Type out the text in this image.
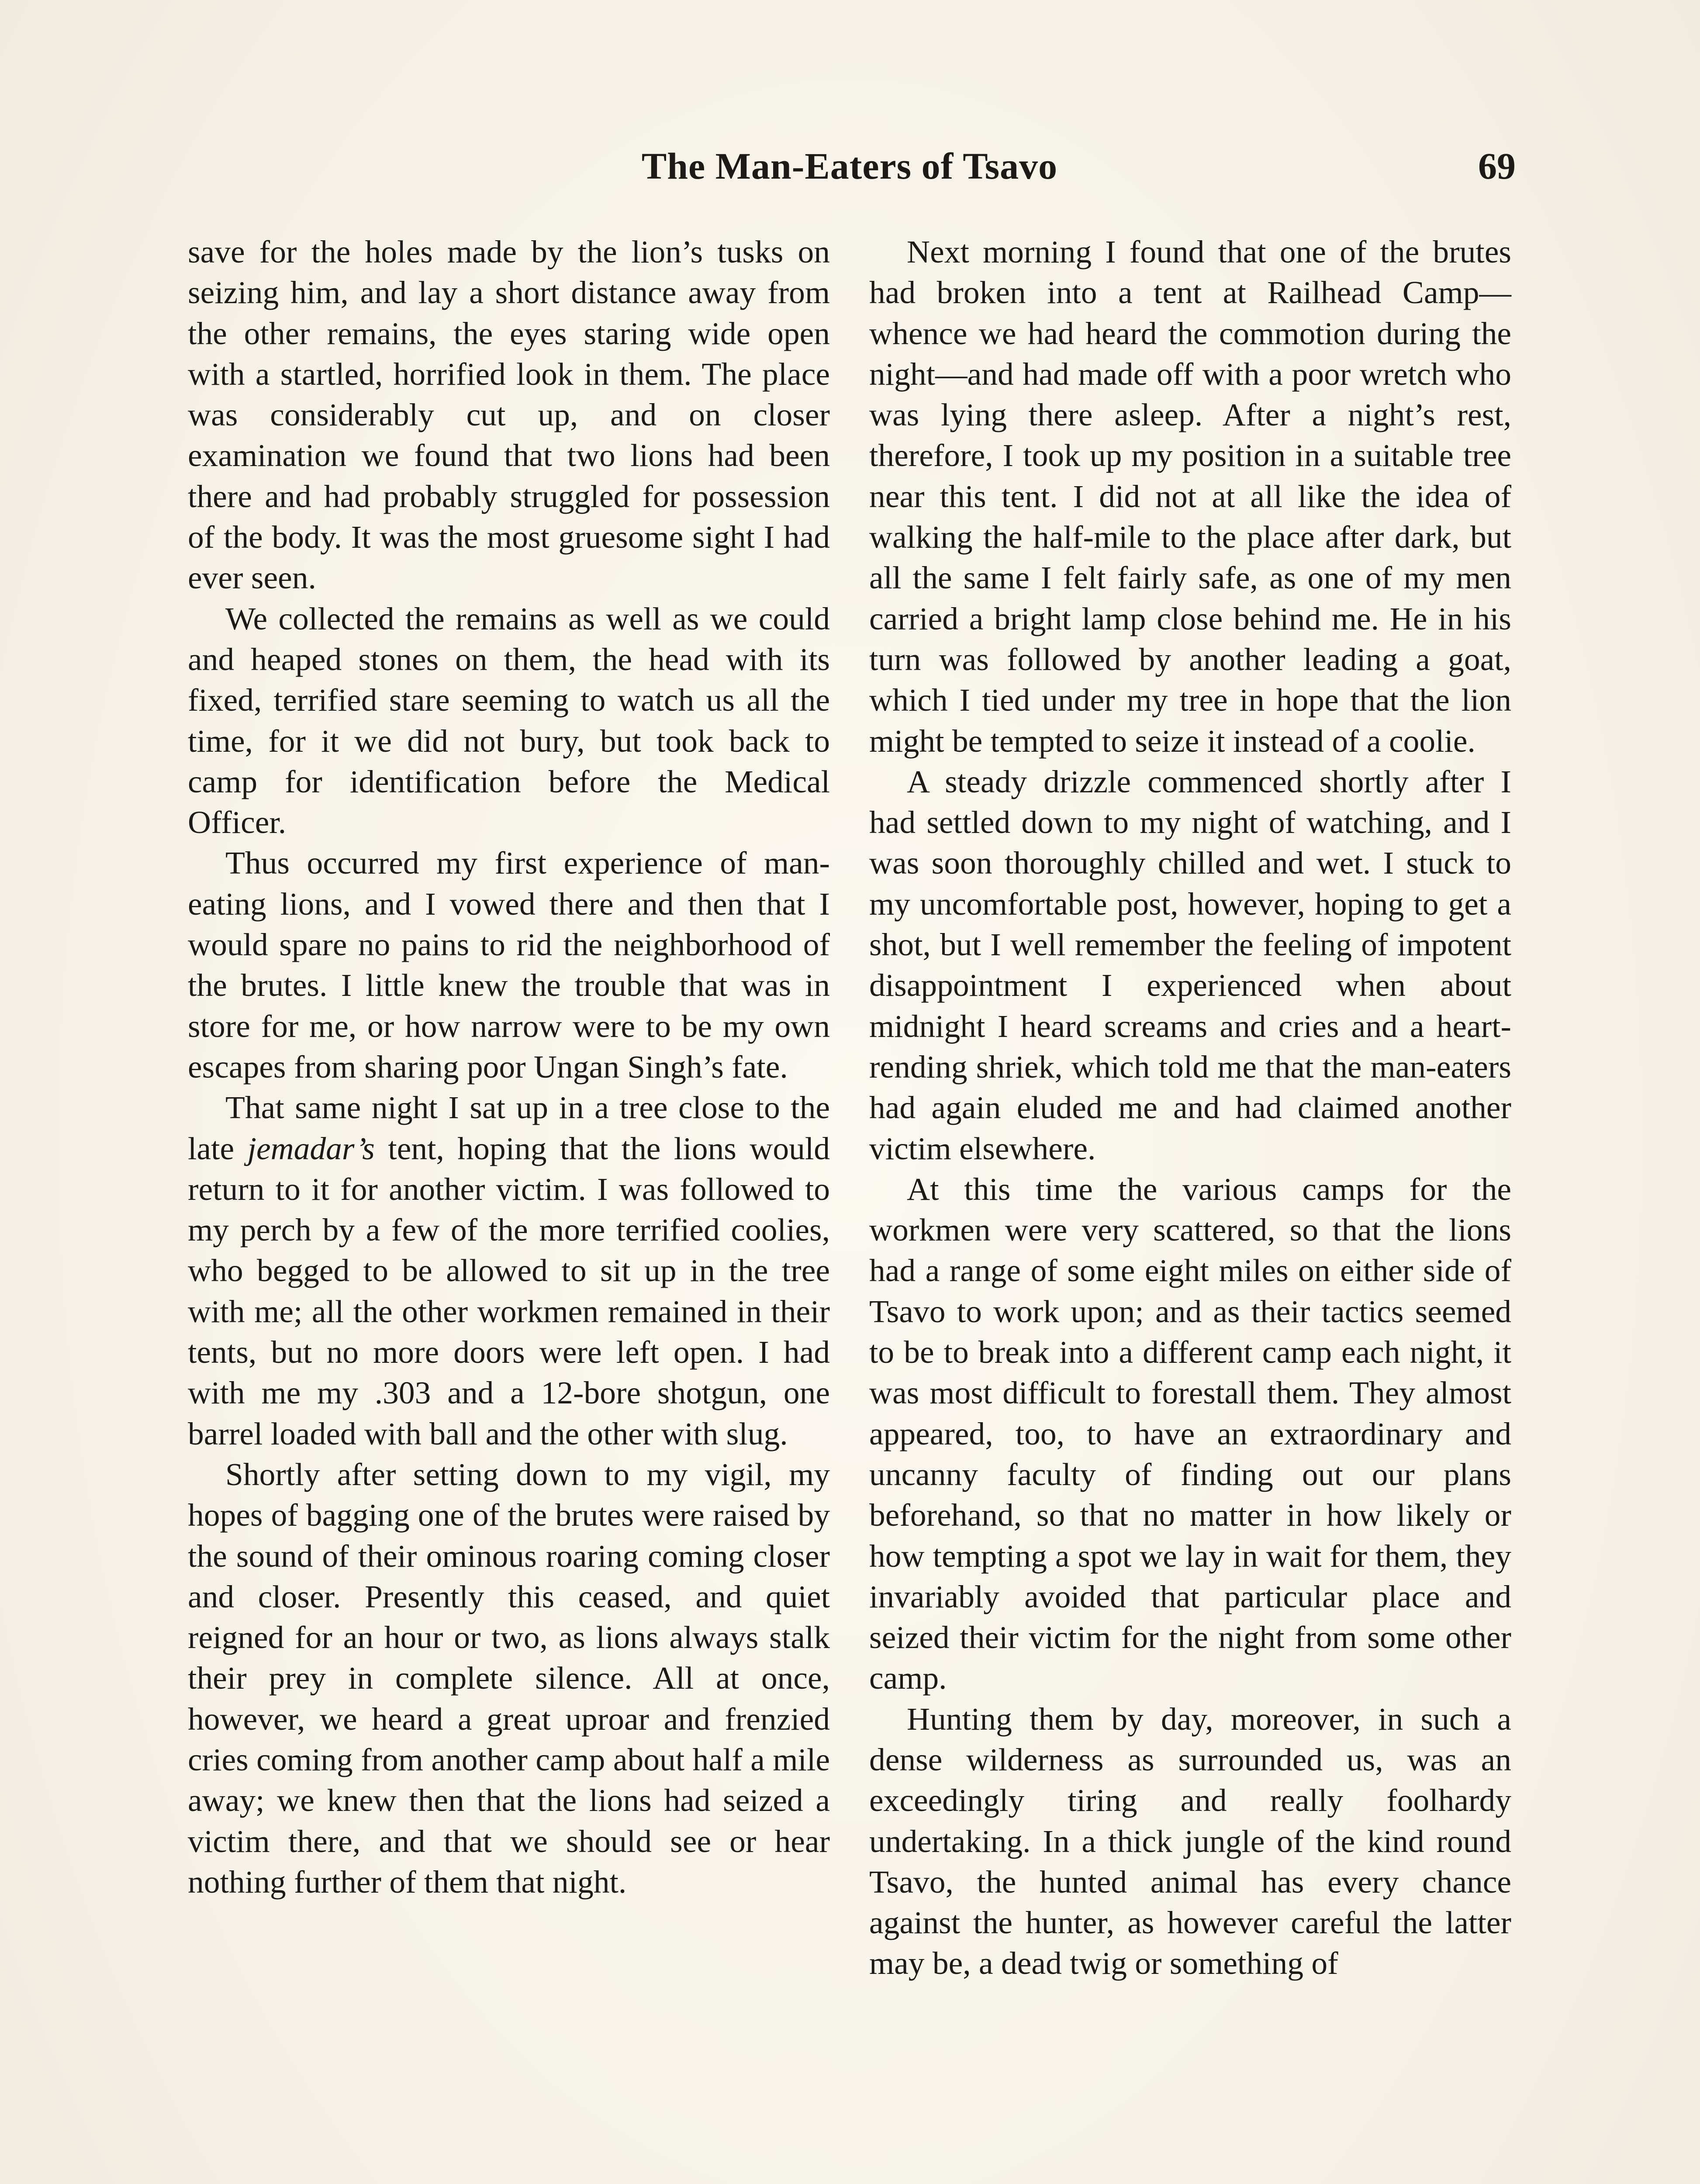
The Man-Eaters of Tsavo	69

save for the holes made by the lion’s tusks on seizing him, and lay a short distance away from the other remains, the eyes staring wide open with a startled, horrified look in them. The place was considerably cut up, and on closer examination we found that two lions had been there and had probably struggled for possession of the body. It was the most gruesome sight I had ever seen.

We collected the remains as well as we could and heaped stones on them, the head with its fixed, terrified stare seeming to watch us all the time, for it we did not bury, but took back to camp for identification before the Medical Officer.

Thus occurred my first experience of man-eating lions, and I vowed there and then that I would spare no pains to rid the neighborhood of the brutes. I little knew the trouble that was in store for me, or how narrow were to be my own escapes from sharing poor Ungan Singh’s fate.

That same night I sat up in a tree close to the late jemadar’s tent, hoping that the lions would return to it for another victim. I was followed to my perch by a few of the more terrified coolies, who begged to be allowed to sit up in the tree with me; all the other workmen remained in their tents, but no more doors were left open. I had with me my .303 and a 12-bore shotgun, one barrel loaded with ball and the other with slug.

Shortly after setting down to my vigil, my hopes of bagging one of the brutes were raised by the sound of their ominous roaring coming closer and closer. Presently this ceased, and quiet reigned for an hour or two, as lions always stalk their prey in complete silence. All at once, however, we heard a great uproar and frenzied cries coming from another camp about half a mile away; we knew then that the lions had seized a victim there, and that we should see or hear nothing further of them that night.

Next morning I found that one of the brutes had broken into a tent at Railhead Camp—whence we had heard the commotion during the night—and had made off with a poor wretch who was lying there asleep. After a night’s rest, therefore, I took up my position in a suitable tree near this tent. I did not at all like the idea of walking the half-mile to the place after dark, but all the same I felt fairly safe, as one of my men carried a bright lamp close behind me. He in his turn was followed by another leading a goat, which I tied under my tree in hope that the lion might be tempted to seize it instead of a coolie.

A steady drizzle commenced shortly after I had settled down to my night of watching, and I was soon thoroughly chilled and wet. I stuck to my uncomfortable post, however, hoping to get a shot, but I well remember the feeling of impotent disappointment I experienced when about midnight I heard screams and cries and a heart-rending shriek, which told me that the man-eaters had again eluded me and had claimed another victim elsewhere.

At this time the various camps for the workmen were very scattered, so that the lions had a range of some eight miles on either side of Tsavo to work upon; and as their tactics seemed to be to break into a different camp each night, it was most difficult to forestall them. They almost appeared, too, to have an extraordinary and uncanny faculty of finding out our plans beforehand, so that no matter in how likely or how tempting a spot we lay in wait for them, they invariably avoided that particular place and seized their victim for the night from some other camp.

Hunting them by day, moreover, in such a dense wilderness as surrounded us, was an exceedingly tiring and really foolhardy undertaking. In a thick jungle of the kind round Tsavo, the hunted animal has every chance against the hunter, as however careful the latter may be, a dead twig or something of
